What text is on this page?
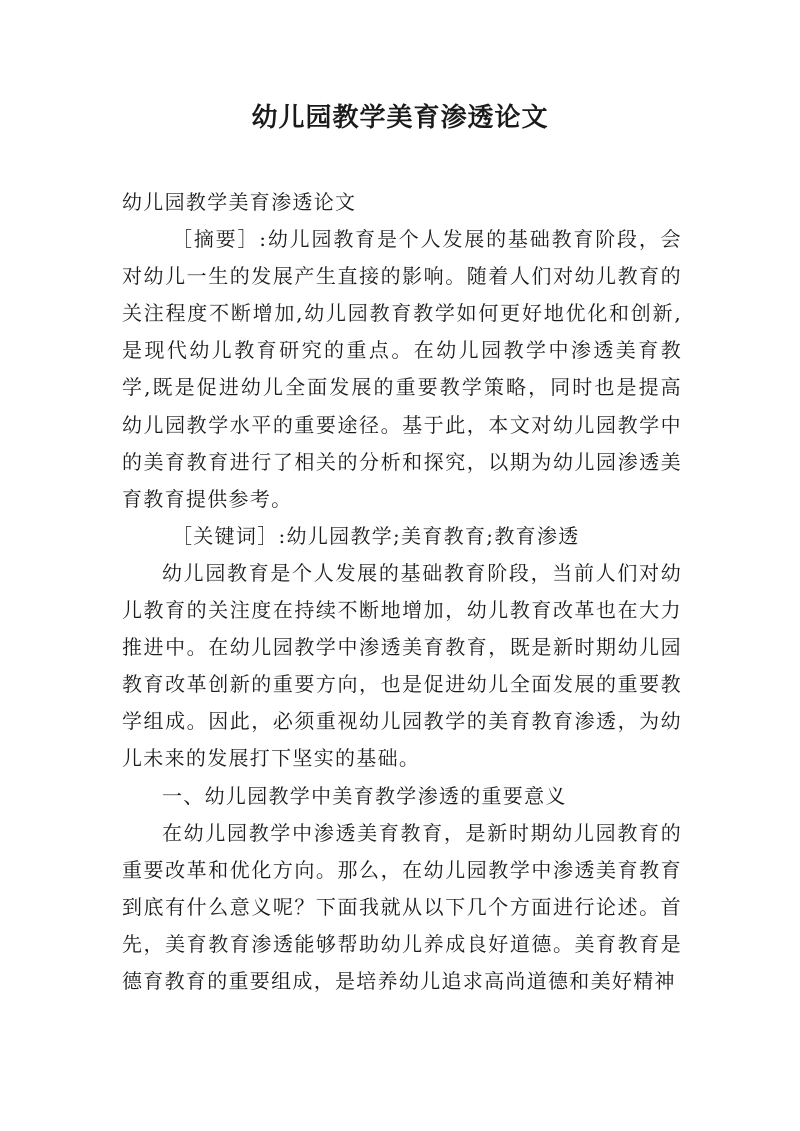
幼儿园教学美育渗透论文

幼儿园教学美育渗透论文

［摘要］:幼儿园教育是个人发展的基础教育阶段，会对幼儿一生的发展产生直接的影响。随着人们对幼儿教育的关注程度不断增加,幼儿园教育教学如何更好地优化和创新,是现代幼儿教育研究的重点。在幼儿园教学中渗透美育教学,既是促进幼儿全面发展的重要教学策略，同时也是提高幼儿园教学水平的重要途径。基于此，本文对幼儿园教学中的美育教育进行了相关的分析和探究，以期为幼儿园渗透美育教育提供参考。

［关键词］:幼儿园教学;美育教育;教育渗透

幼儿园教育是个人发展的基础教育阶段，当前人们对幼儿教育的关注度在持续不断地增加，幼儿教育改革也在大力推进中。在幼儿园教学中渗透美育教育，既是新时期幼儿园教育改革创新的重要方向，也是促进幼儿全面发展的重要教学组成。因此，必须重视幼儿园教学的美育教育渗透，为幼儿未来的发展打下坚实的基础。

一、幼儿园教学中美育教学渗透的重要意义

在幼儿园教学中渗透美育教育，是新时期幼儿园教育的重要改革和优化方向。那么，在幼儿园教学中渗透美育教育到底有什么意义呢？下面我就从以下几个方面进行论述。首先，美育教育渗透能够帮助幼儿养成良好道德。美育教育是德育教育的重要组成，是培养幼儿追求高尚道德和美好精神
